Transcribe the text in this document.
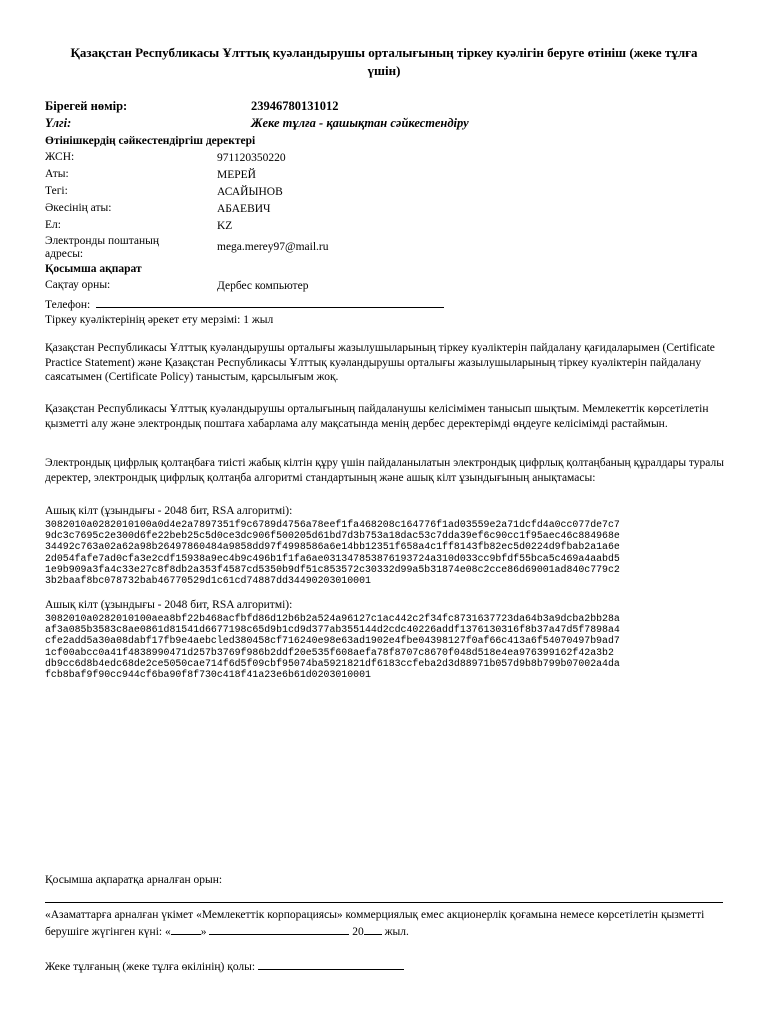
Қазақстан Республикасы Ұлттық куәландырушы орталығының тіркеу куәлігін беруге өтініш (жеке тұлға үшін)
Бірегей нөмір:	23946780131012
Үлгі:	Жеке тұлға - қашықтан сәйкестендіру
Өтінішкердің сәйкестендіргіш деректері
ЖСН:	971120350220
Аты:	МЕРЕЙ
Тегі:	АСАЙЫНОВ
Әкесінің аты:	АБАЕВИЧ
Ел:	KZ
Электронды поштаның адресы:
mega.merey97@mail.ru
Қосымша ақпарат
Сақтау орны:	Дербес компьютер
Телефон:
Тіркеу куәліктерінің әрекет ету мерзімі: 1 жыл
Қазақстан Республикасы Ұлттық куәландырушы орталығы жазылушыларының тіркеу куәліктерін пайдалану қағидаларымен (Certificate Practice Statement) және Қазақстан Республикасы Ұлттық куәландырушы орталығы жазылушыларының тіркеу куәліктерін пайдалану саясатымен (Certificate Policy) таныстым, қарсылығым жоқ.
Қазақстан Республикасы Ұлттық куәландырушы орталығының пайдаланушы келісімімен танысып шықтым. Мемлекеттік көрсетілетін қызметті алу және электрондық поштаға хабарлама алу мақсатында менің дербес деректерімді өңдеуге келісімімді растаймын.
Электрондық цифрлық қолтаңбаға тиісті жабық кілтін құру үшін пайдаланылатын электрондық цифрлық қолтаңбаның құралдары туралы деректер, электрондық цифрлық қолтаңба алгоритмі стандартының және ашық кілт ұзындығының анықтамасы:
Ашық кілт (ұзындығы - 2048 бит, RSA алгоритмі):
3082010a0282010100a0d4e2a7897351f9c6789d4756a78eef1fa468208c164776f1ad03559e2a71dcfd4a0cc077de7c7
9dc3c7695c2e300d6fe22beb25c5d0ce3dc906f500205d61bd7d3b753a18dac53c7dda39ef6c90cc1f95aec46c884968e
34492c763a02a62a98b26497860484a9858dd97f4998586a6e14bb12351f658a4c1ff8143fb82ec5d0224d9fbab2a1a6e
2d054fafe7ad0cfa3e2cdf15938a9ec4b9c496b1f1fa6ae031347853876193724a310d033cc9bfdf55bca5c469a4aabd5
1e9b909a3fa4c33e27c8f8db2a353f4587cd5350b9df51c853572c30332d99a5b31874e08c2cce86d69001ad840c779c2
3b2baaf8bc078732bab46770529d1c61cd74887dd34490203010001
Ашық кілт (ұзындығы - 2048 бит, RSA алгоритмі):
3082010a0282010100aea8bf22b468acfbfd86d12b6b2a524a96127c1ac442c2f34fc8731637723da64b3a9dcba2bb28a
af3a085b3583c8ae0861d81541d6677198c65d9b1cd9d377ab355144d2cdc40226addf1376130316f8b37a47d5f7898a4
cfe2add5a30a08dabf17fb9e4aebcled380458cf716240e98e63ad1902e4fbe04398127f0af66c413a6f54070497b9ad7
1cf00abcc0a41f4838990471d257b3769f986b2ddf20e535f608aefa78f8707c8670f048d518e4ea976399162f42a3b2
db9cc6d8b4edc68de2ce5050cae714f6d5f09cbf95074ba5921821df6183ccfeba2d3d88971b057d9b8b799b07002a4da
fcb8baf9f90cc944cf6ba90f8f730c418f41a23e6b61d0203010001
Қосымша ақпаратқа арналған орын:
«Азаматтарға арналған үкімет «Мемлекеттік корпорациясы» коммерциялық емес акционерлік қоғамына немесе көрсетілетін қызметті берушіге жүгінген күні: «	»	20 жыл.
Жеке тұлғаның (жеке тұлға өкілінің) қолы:
